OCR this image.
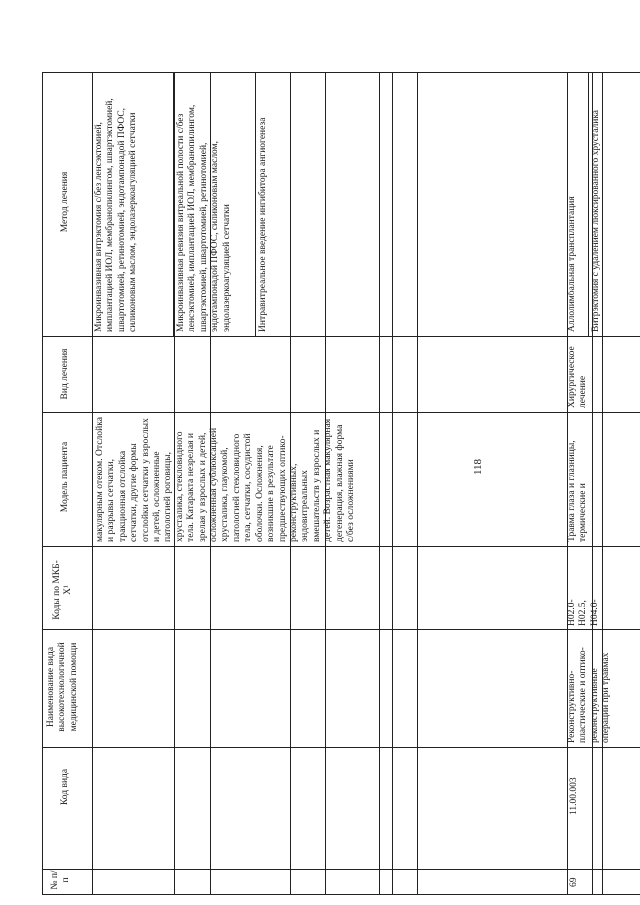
118
Метод лечения
Вид лечения
Модель пациента
Коды по МКБ-Х¹
Наименование вида высокотехнологичной медицинской помощи
Код вида
№ п/п
макулярным отеком. Отслойка и разрывы сетчатки, тракционная отслойка сетчатки, другие формы отслойки сетчатки у взрослых и детей, осложненные патологией роговицы, хрусталика, стекловидного тела. Катаракта незрелая и зрелая у взрослых и детей, осложненная сублюксацией хрусталика, глаукомой, патологией стекловидного тела, сетчатки, сосудистой оболочки. Осложнения, возникшие в результате предшествующих оптико-реконструктивных, эндовитреальных вмешательств у взрослых и детей. Возрастная макулярная дегенерация, влажная форма с/без осложнениями
Микроинвазивная витрэктомия с/без ленсэктомией, имплантацией ИОЛ, мембранопилингом, швартэктомией, швартотомией, ретинотомией, эндотампонадой ПФОС, силиконовым маслом, эндолазеркоагуляцией сетчатки	Микроинвазивная ревизия витреальной полости с/без ленсэктомией, имплантацией ИОЛ, мембранопилингом, швартэктомией, швартотомией, ретинотомией, эндотампонадой ПФОС, силиконовым маслом, эндолазеркоагуляцией сетчатки	Интравитреальное введение ингибитора ангиогенеза
69
11.00.003
Реконструктивно-пластические и оптико-реконструктивные операции при травмах
H02.0-H02.5, H04.0-
Травма глаза и глазницы, термические и
Хирургическое лечение
Аллолимбальная трансплантация Витрэктомия с удалением люксированного хрусталика
